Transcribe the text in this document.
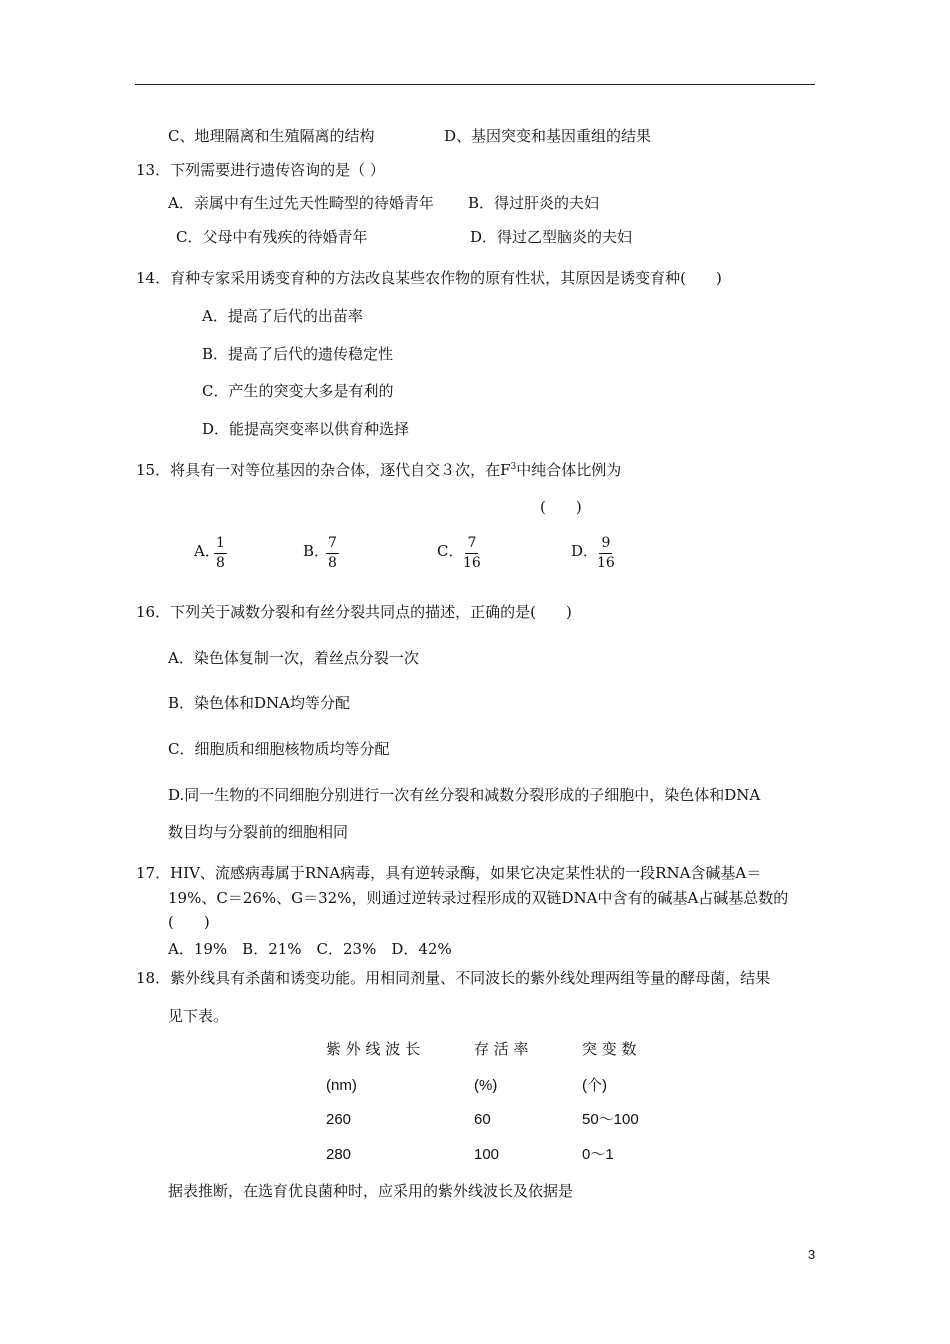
C、地理隔离和生殖隔离的结构	D、基因突变和基因重组的结果
13．下列需要进行遗传咨询的是（ ）
A．亲属中有生过先天性畸型的待婚青年 B．得过肝炎的夫妇
C．父母中有残疾的待婚青年	D．得过乙型脑炎的夫妇
14．育种专家采用诱变育种的方法改良某些农作物的原有性状，其原因是诱变育种(　　)
A．提高了后代的出苗率
B．提高了后代的遗传稳定性
C．产生的突变大多是有利的
D．能提高突变率以供育种选择
15．将具有一对等位基因的杂合体，逐代自交３次，在$F^3$中纯合体比例为
(　　)
A．
$\frac{1}{8}$	B．
$\frac{7}{8}$	C．
$\frac{7}{16}$	D．
$\frac{9}{16}$
16．下列关于减数分裂和有丝分裂共同点的描述，正确的是(　　)
A．染色体复制一次，着丝点分裂一次
B．染色体和DNA均等分配
C．细胞质和细胞核物质均等分配
D.同一生物的不同细胞分别进行一次有丝分裂和减数分裂形成的子细胞中，染色体和DNA
数目均与分裂前的细胞相同
17．HIV、流感病毒属于RNA病毒，具有逆转录酶，如果它决定某性状的一段RNA含碱基A＝
19%、C＝26%、G＝32%，则通过逆转录过程形成的双链DNA中含有的碱基A占碱基总数的
(　　)
A．19%　B．21%　C．23%　D．42%
18．紫外线具有杀菌和诱变功能。用相同剂量、不同波长的紫外线处理两组等量的酵母菌，结果
见下表。
紫 外 线 波 长	存 活 率	突 变 数
(nm)	(%)	(个)
260	60	50～100
280	100	0～1
据表推断，在选育优良菌种时，应采用的紫外线波长及依据是
3
